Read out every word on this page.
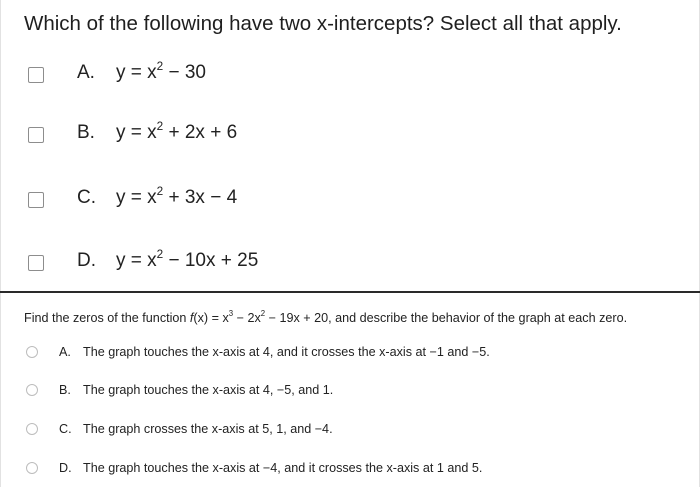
Which of the following have two x-intercepts? Select all that apply.
A. $y = x^2 - 30$
B. $y = x^2 + 2x + 6$
C. $y = x^2 + 3x - 4$
D. $y = x^2 - 10x + 25$
Find the zeros of the function $f(x) = x^3 - 2x^2 - 19x + 20$, and describe the behavior of the graph at each zero.
A. The graph touches the x-axis at 4, and it crosses the x-axis at −1 and −5.
B. The graph touches the x-axis at 4, −5, and 1.
C. The graph crosses the x-axis at 5, 1, and −4.
D. The graph touches the x-axis at −4, and it crosses the x-axis at 1 and 5.
